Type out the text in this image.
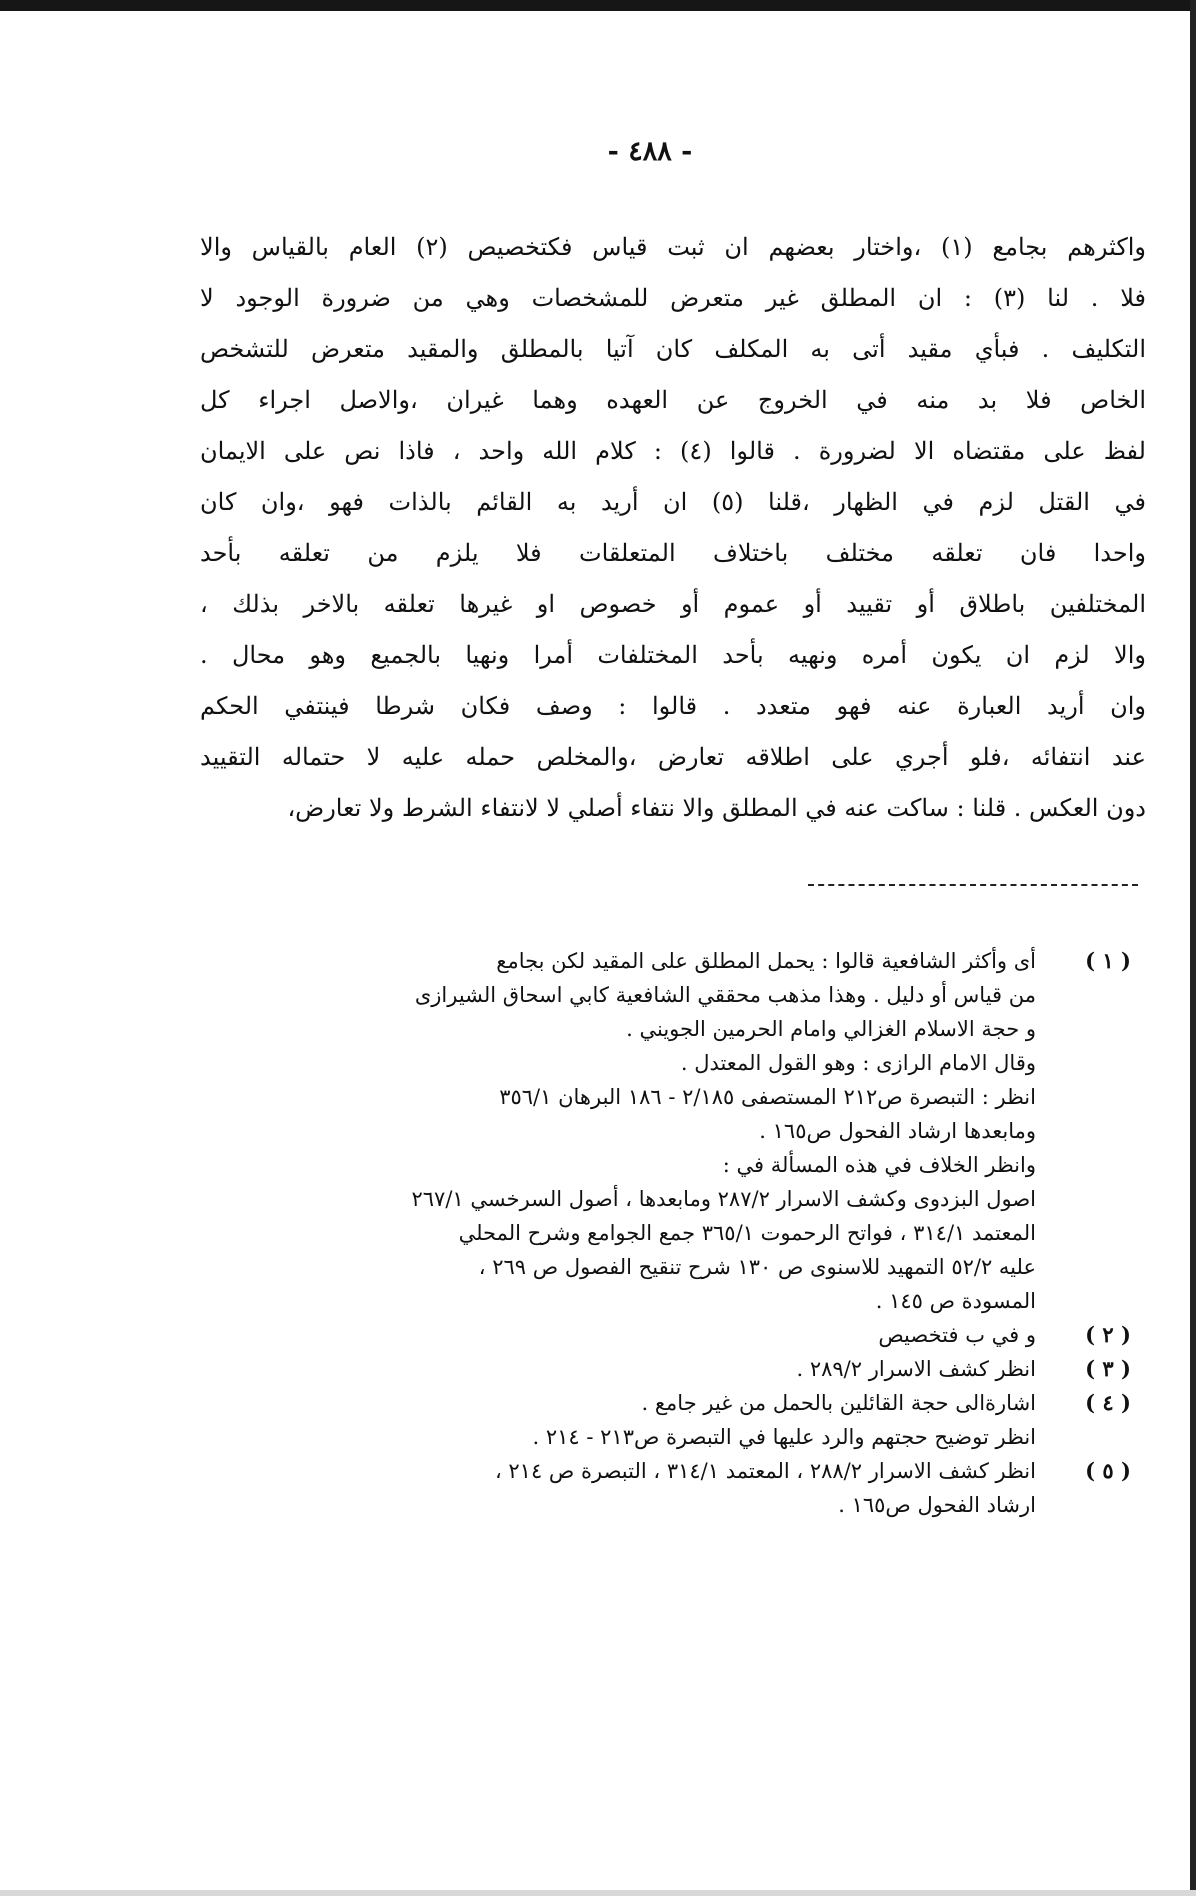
- ٤٨٨ -
واكثرهم بجامع (١) ،واختار بعضهم ان ثبت قياس فكتخصيص (٢) العام بالقياس والا
فلا . لنا (٣) : ان المطلق غير متعرض للمشخصات وهي من ضرورة الوجود لا
التكليف . فبأي مقيد أتى به المكلف كان آتيا بالمطلق والمقيد متعرض للتشخص
الخاص فلا بد منه في الخروج عن العهده وهما غيران ،والاصل اجراء كل
لفظ على مقتضاه الا لضرورة . قالوا (٤) : كلام الله واحد ، فاذا نص على الايمان
في القتل لزم في الظهار ،قلنا (٥) ان أريد به القائم بالذات فهو ،وان كان
واحدا فان تعلقه مختلف باختلاف المتعلقات فلا يلزم من تعلقه بأحد
المختلفين باطلاق أو تقييد أو عموم أو خصوص او غيرها تعلقه بالاخر بذلك ،
والا لزم ان يكون أمره ونهيه بأحد المختلفات أمرا ونهيا بالجميع وهو محال .
وان أريد العبارة عنه فهو متعدد . قالوا : وصف فكان شرطا فينتفي الحكم
عند انتفائه ،فلو أجري على اطلاقه تعارض ،والمخلص حمله عليه لا حتماله التقييد
دون العكس . قلنا : ساكت عنه في المطلق والا نتفاء أصلي لا لانتفاء الشرط ولا تعارض،
( ١ )
أى وأكثر الشافعية قالوا : يحمل المطلق على المقيد لكن بجامع
من قياس أو دليل . وهذا مذهب محققي الشافعية كابي اسحاق الشيرازى
و حجة الاسلام الغزالي وامام الحرمين الجويني .
وقال الامام الرازى : وهو القول المعتدل .
انظر : التبصرة ص٢١٢ المستصفى ٢/١٨٥ - ١٨٦ البرهان ٣٥٦/١
ومابعدها ارشاد الفحول ص١٦٥ .
وانظر الخلاف في هذه المسألة في :
اصول البزدوى وكشف الاسرار ٢٨٧/٢ ومابعدها ، أصول السرخسي ٢٦٧/١
المعتمد ٣١٤/١ ، فواتح الرحموت ٣٦٥/١ جمع الجوامع وشرح المحلي
عليه ٥٢/٢ التمهيد للاسنوى ص ١٣٠ شرح تنقيح الفصول ص ٢٦٩ ،
المسودة ص ١٤٥ .
( ٢ )
و في ب فتخصيص
( ٣ )
انظر كشف الاسرار ٢٨٩/٢ .
( ٤ )
اشارةالى حجة القائلين بالحمل من غير جامع .
انظر توضيح حجتهم والرد عليها في التبصرة ص٢١٣ - ٢١٤ .
( ٥ )
انظر كشف الاسرار ٢٨٨/٢ ، المعتمد ٣١٤/١ ، التبصرة ص ٢١٤ ،
ارشاد الفحول ص١٦٥ .
